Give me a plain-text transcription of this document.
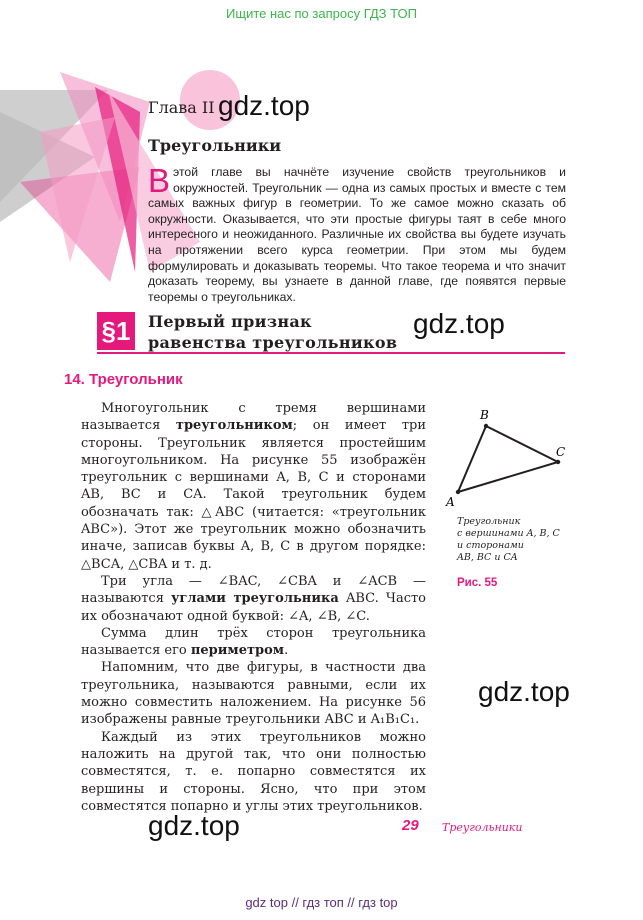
Ищите нас по запросу ГДЗ ТОП
Глава II gdz.top
Треугольники
В этой главе вы начнёте изучение свойств треугольников и окружностей. Треугольник — одна из самых простых и вместе с тем самых важных фигур в геометрии. То же самое можно сказать об окружности. Оказывается, что эти простые фигуры таят в себе много интересного и неожиданного. Различные их свойства вы будете изучать на протяжении всего курса геометрии. При этом мы будем формулировать и доказывать теоремы. Что такое теорема и что значит доказать теорему, вы узнаете в данной главе, где появятся первые теоремы о треугольниках.
§1 Первый признак
равенства треугольников
gdz.top
14. Треугольник

Многоугольник с тремя вершинами называется треугольником; он имеет три стороны. Треугольник является простейшим многоугольником. На рисунке 55 изображён треугольник с вершинами A, B, C и сторонами AB, BC и CA. Такой треугольник будем обозначать так: △ABC (читается: «треугольник ABC»). Этот же треугольник можно обозначить иначе, записав буквы A, B, C в другом порядке: △BCA, △CBA и т. д.

Три угла — ∠BAC, ∠CBA и ∠ACB — называются углами треугольника ABC. Часто их обозначают одной буквой: ∠A, ∠B, ∠C.

Сумма длин трёх сторон треугольника называется его периметром.

Напомним, что две фигуры, в частности два треугольника, называются равными, если их можно совместить наложением. На рисунке 56 изображены равные треугольники ABC и A₁B₁C₁.

Каждый из этих треугольников можно наложить на другой так, что они полностью совместятся, т. е. попарно совместятся их вершины и стороны. Ясно, что при этом совместятся попарно и углы этих треугольников.

A
B
C
Треугольник
с вершинами A, B, C
и сторонами
AB, BC и CA
Рис. 55
gdz.top
gdz.top	29 Треугольники
gdz top // гдз топ // гдз top
